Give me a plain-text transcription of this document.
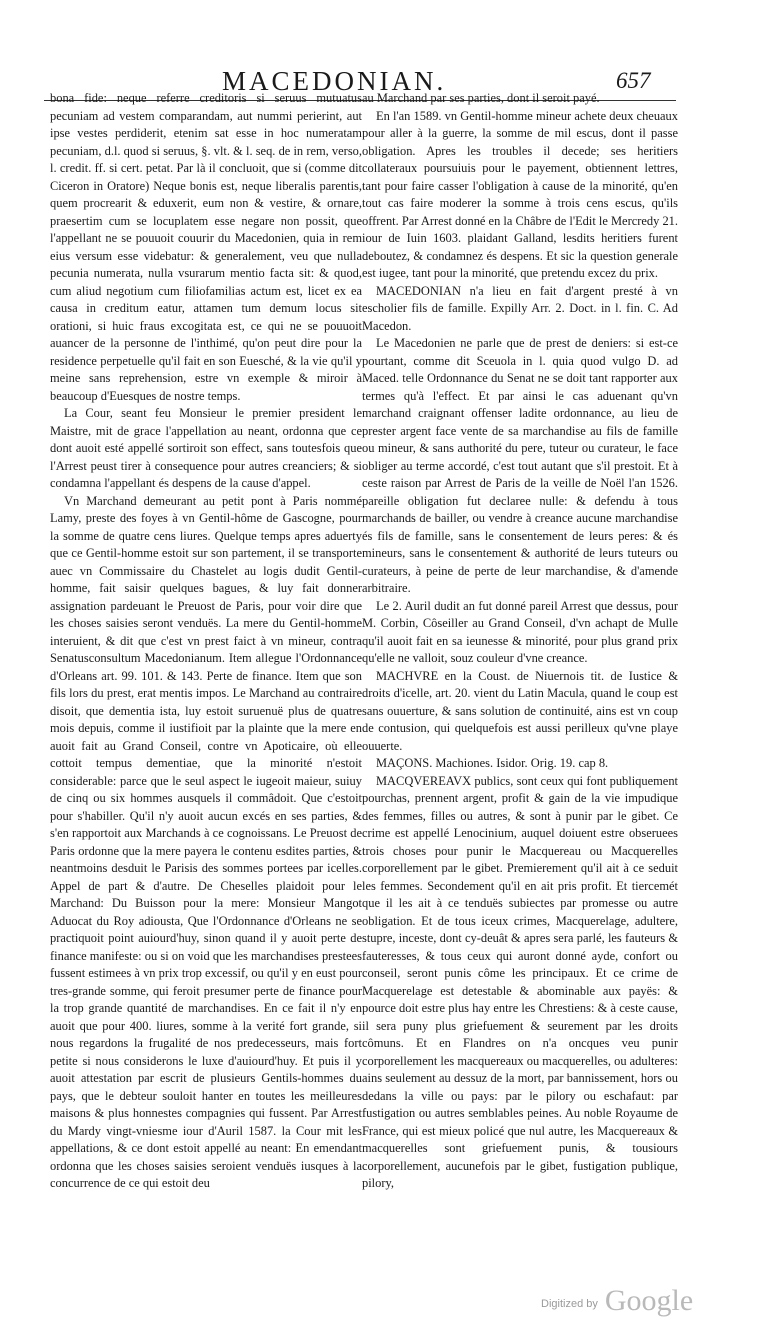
MACEDONIAN.	657

bona fide: neque referre creditoris si seruus mutuatus pecuniam ad vestem comparandam, aut nummi perierint, aut ipse vestes perdiderit, etenim sat esse in hoc numeratam pecuniam, d.l. quod si seruus, §. vlt. & l. seq. de in rem, verso, l. credit. ff. si cert. petat. Par là il concluoit, que si (comme dit Ciceron in Oratore) Neque bonis est, neque liberalis parentis, quem procrearit & eduxerit, eum non & vestire, & ornare, praesertim cum se locuplatem esse negare non possit, que l'appellant ne se pouuoit couurir du Macedonien, quia in rem eius versum esse videbatur: & generalement, veu que nulla pecunia numerata, nulla vsurarum mentio facta sit: & quod, cum aliud negotium cum filiofamilias actum est, licet ex ea causa in creditum eatur, attamen tum demum locus sit orationi, si huic fraus excogitata est, ce qui ne se pouuoit auancer de la personne de l'inthimé, qu'on peut dire pour la residence perpetuelle qu'il fait en son Euesché, & la vie qu'il y meine sans reprehension, estre vn exemple & miroir à beaucoup d'Euesques de nostre temps.

La Cour, seant feu Monsieur le premier president le Maistre, mit de grace l'appellation au neant, ordonna que ce dont auoit esté appellé sortiroit son effect, sans toutesfois que l'Arrest peust tirer à consequence pour autres creanciers; & si condamna l'appellant és despens de la cause d'appel.

Vn Marchand demeurant au petit pont à Paris nommé Lamy, preste des foyes à vn Gentil-hôme de Gascogne, pour la somme de quatre cens liures. Quelque temps apres aduerty que ce Gentil-homme estoit sur son partement, il se transporte auec vn Commissaire du Chastelet au logis dudit Gentil-homme, fait saisir quelques bagues, & luy fait donner assignation pardeuant le Preuost de Paris, pour voir dire que les choses saisies seront venduës. La mere du Gentil-homme interuient, & dit que c'est vn prest faict à vn mineur, contra Senatusconsultum Macedonianum. Item allegue l'Ordonnance d'Orleans art. 99. 101. & 143. Perte de finance. Item que son fils lors du prest, erat mentis impos. Le Marchand au contraire disoit, que dementia ista, luy estoit suruenuë plus de quatre mois depuis, comme il iustifioit par la plainte que la mere en auoit fait au Grand Conseil, contre vn Apoticaire, où elle cottoit tempus dementiae, que la minorité n'estoit considerable: parce que le seul aspect le iugeoit maieur, suiuy de cinq ou six hommes ausquels il commâdoit. Que c'estoit pour s'habiller. Qu'il n'y auoit aucun excés en ses parties, & s'en rapportoit aux Marchands à ce cognoissans. Le Preuost de Paris ordonne que la mere payera le contenu esdites parties, & neantmoins desduit le Parisis des sommes portees par icelles. Appel de part & d'autre. De Cheselles plaidoit pour le Marchand: Du Buisson pour la mere: Monsieur Mangot Aduocat du Roy adiousta, Que l'Ordonnance d'Orleans ne se practiquoit point auiourd'huy, sinon quand il y auoit perte de finance manifeste: ou si on void que les marchandises prestees fussent estimees à vn prix trop excessif, ou qu'il y en eust pour tres-grande somme, qui feroit presumer perte de finance pour la trop grande quantité de marchandises. En ce fait il n'y en auoit que pour 400. liures, somme à la verité fort grande, si nous regardons la frugalité de nos predecesseurs, mais fort petite si nous considerons le luxe d'auiourd'huy. Et puis il y auoit attestation par escrit de plusieurs Gentils-hommes du pays, que le debteur souloit hanter en toutes les meilleures maisons & plus honnestes compagnies qui fussent. Par Arrest du Mardy vingt-vniesme iour d'Auril 1587. la Cour mit les appellations, & ce dont estoit appellé au neant: En emendant ordonna que les choses saisies seroient venduës iusques à la concurrence de ce qui estoit deu

au Marchand par ses parties, dont il seroit payé.

En l'an 1589. vn Gentil-homme mineur achete deux cheuaux pour aller à la guerre, la somme de mil escus, dont il passe obligation. Apres les troubles il decede; ses heritiers collateraux poursuiuis pour le payement, obtiennent lettres, tant pour faire casser l'obligation à cause de la minorité, qu'en tout cas faire moderer la somme à trois cens escus, qu'ils offrent. Par Arrest donné en la Châbre de l'Edit le Mercredy 21. iour de Iuin 1603. plaidant Galland, lesdits heritiers furent deboutez, & condamnez és despens. Et sic la question generale est iugee, tant pour la minorité, que pretendu excez du prix.

MACEDONIAN n'a lieu en fait d'argent presté à vn escholier fils de famille. Expilly Arr. 2. Doct. in l. fin. C. Ad Macedon.

Le Macedonien ne parle que de prest de deniers: si est-ce pourtant, comme dit Sceuola in l. quia quod vulgo D. ad Maced. telle Ordonnance du Senat ne se doit tant rapporter aux termes qu'à l'effect. Et par ainsi le cas aduenant qu'vn marchand craignant offenser ladite ordonnance, au lieu de prester argent face vente de sa marchandise au fils de famille ou mineur, & sans authorité du pere, tuteur ou curateur, le face obliger au terme accordé, c'est tout autant que s'il prestoit. Et à ceste raison par Arrest de Paris de la veille de Noël l'an 1526. pareille obligation fut declaree nulle: & defendu à tous marchands de bailler, ou vendre à creance aucune marchandise és fils de famille, sans le consentement de leurs peres: & és mineurs, sans le consentement & authorité de leurs tuteurs ou curateurs, à peine de perte de leur marchandise, & d'amende arbitraire.

Le 2. Auril dudit an fut donné pareil Arrest que dessus, pour M. Corbin, Côseiller au Grand Conseil, d'vn achapt de Mulle qu'il auoit fait en sa ieunesse & minorité, pour plus grand prix qu'elle ne valloit, souz couleur d'vne creance.

MACHVRE en la Coust. de Niuernois tit. de Iustice & droits d'icelle, art. 20. vient du Latin Macula, quand le coup est sans ouuerture, & sans solution de continuité, ains est vn coup de contusion, qui quelquefois est aussi perilleux qu'vne playe ouuerte.

MAÇONS. Machiones. Isidor. Orig. 19. cap 8.

MACQVEREAVX publics, sont ceux qui font publiquement pourchas, prennent argent, profit & gain de la vie impudique des femmes, filles ou autres, & sont à punir par le gibet. Ce crime est appellé Lenocinium, auquel doiuent estre obseruees trois choses pour punir le Macquereau ou Macquerelles corporellement par le gibet. Premierement qu'il ait à ce seduit les femmes. Secondement qu'il en ait pris profit. Et tiercemét que il les ait à ce tenduës subiectes par promesse ou autre obligation. Et de tous iceux crimes, Macquerelage, adultere, stupre, inceste, dont cy-deuât & apres sera parlé, les fauteurs & fauteresses, & tous ceux qui auront donné ayde, confort ou conseil, seront punis côme les principaux. Et ce crime de Macquerelage est detestable & abominable aux payës: & pource doit estre plus hay entre les Chrestiens: & à ceste cause, il sera puny plus griefuement & seurement par les droits cômuns. Et en Flandres on n'a oncques veu punir corporellement les macquereaux ou macquerelles, ou adulteres: ains seulement au dessuz de la mort, par bannissement, hors ou dedans la ville ou pays: par le pilory ou eschafaut: par fustigation ou autres semblables peines. Au noble Royaume de France, qui est mieux policé que nul autre, les Macquereaux & macquerelles sont griefuement punis, & tousiours corporellement, aucunefois par le gibet, fustigation publique, pilory,

Digitized by Google
